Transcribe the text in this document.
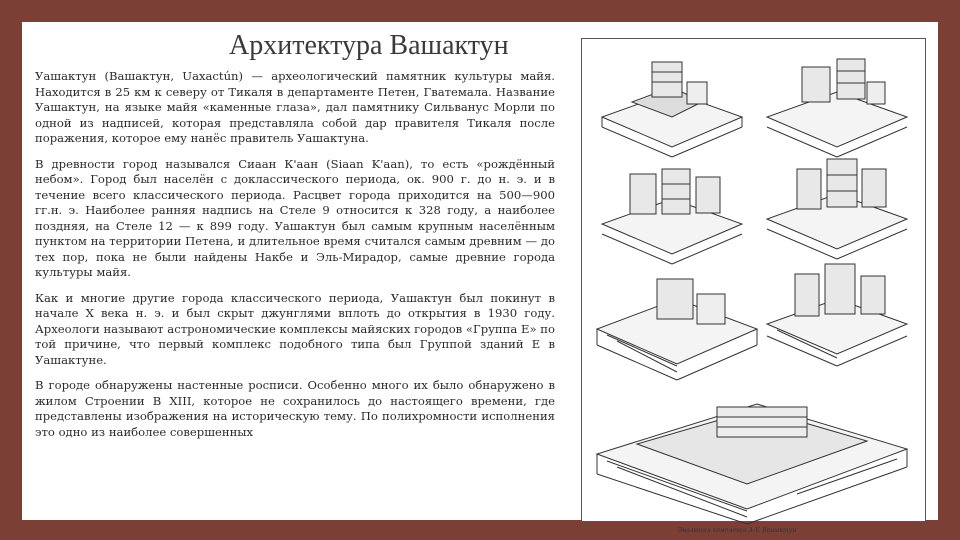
Архитектура Вашактун

Уашактун (Вашактун, Uaxactún) — археологический памятник культуры майя. Находится в 25 км к северу от Тикаля в департаменте Петен, Гватемала. Название Уашактун, на языке майя «каменные глаза», дал памятнику Сильванус Морли по одной из надписей, которая представляла собой дар правителя Тикаля после поражения, которое ему нанёс правитель Уашактуна.

В древности город назывался Сиаан К'аан (Siaan K'aan), то есть «рождённый небом». Город был населён с доклассического периода, ок. 900 г. до н. э. и в течение всего классического периода. Расцвет города приходится на 500—900 гг.н. э. Наиболее ранняя надпись на Стеле 9 относится к 328 году, а наиболее поздняя, на Стеле 12 — к 899 году. Уашактун был самым крупным населённым пунктом на территории Петена, и длительное время считался самым древним — до тех пор, пока не были найдены Накбе и Эль-Мирадор, самые древние города культуры майя.

Как и многие другие города классического периода, Уашактун был покинут в начале X века н. э. и был скрыт джунглями вплоть до открытия в 1930 году. Археологи называют астрономические комплексы майяских городов «Группа E» по той причине, что первый комплекс подобного типа был Группой зданий E в Уашактуне.

В городе обнаружены настенные росписи. Особенно много их было обнаружено в жилом Строении В XIII, которое не сохранилось до настоящего времени, где представлены изображения на историческую тему. По полихромности исполнения это одно из наиболее совершенных

Эволюция комплекса А-V. Вашактун
